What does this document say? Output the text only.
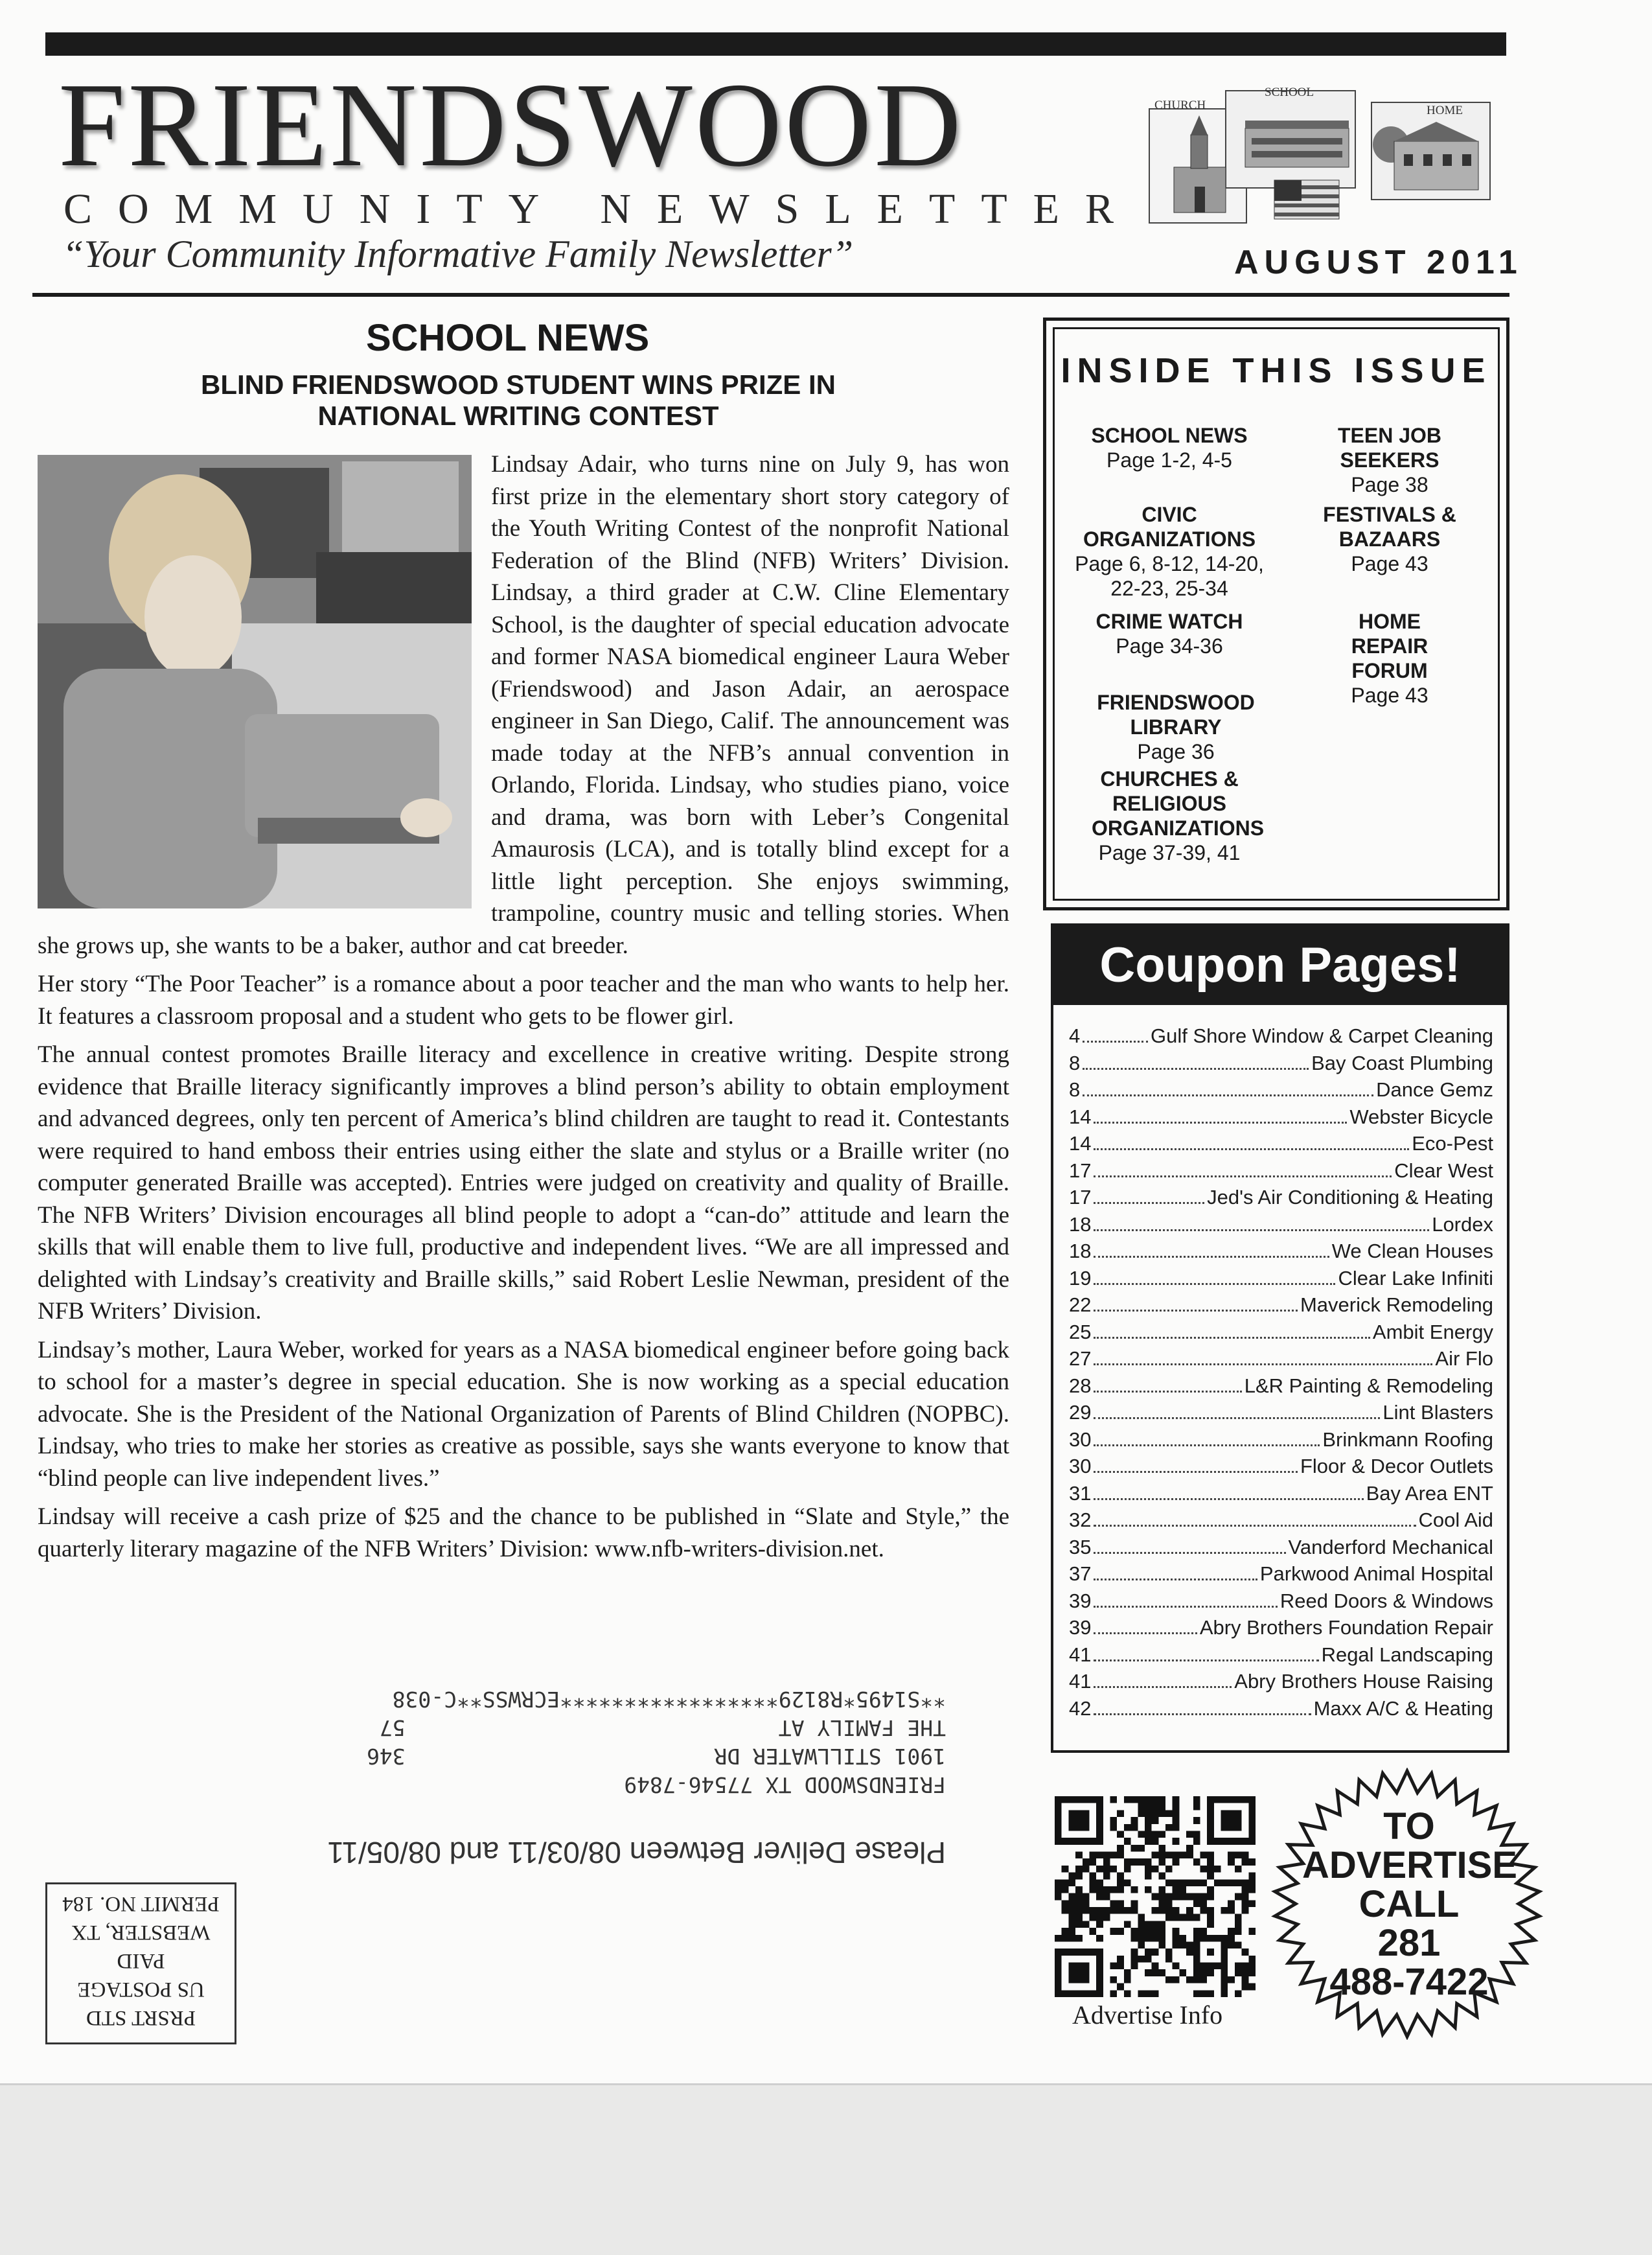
FRIENDSWOOD
COMMUNITY NEWSLETTER
“Your Community Informative Family Newsletter”
CHURCH
SCHOOL
HOME
AUGUST 2011
SCHOOL NEWS
BLIND FRIENDSWOOD STUDENT WINS PRIZE IN NATIONAL WRITING CONTEST

Lindsay Adair, who turns nine on July 9, has won first prize in the elementary short story category of the Youth Writing Contest of the nonprofit National Federation of the Blind (NFB) Writers’ Division. Lindsay, a third grader at C.W. Cline Elementary School, is the daughter of special education advocate and former NASA biomedical engineer Laura Weber (Friendswood) and Jason Adair, an aerospace engineer in San Diego, Calif. The announcement was made today at the NFB’s annual convention in Orlando, Florida. Lindsay, who studies piano, voice and drama, was born with Leber’s Congenital Amaurosis (LCA), and is totally blind except for a little light perception. She enjoys swimming, trampoline, country music and telling stories. When she grows up, she wants to be a baker, author and cat breeder.

Her story “The Poor Teacher” is a romance about a poor teacher and the man who wants to help her. It features a classroom proposal and a student who gets to be flower girl.

The annual contest promotes Braille literacy and excellence in creative writing. Despite strong evidence that Braille literacy significantly improves a blind person’s ability to obtain employment and advanced degrees, only ten percent of America’s blind children are taught to read it. Contestants were required to hand emboss their entries using either the slate and stylus or a Braille writer (no computer generated Braille was accepted). Entries were judged on creativity and quality of Braille. The NFB Writers’ Division encourages all blind people to adopt a “can-do” attitude and learn the skills that will enable them to live full, productive and independent lives. “We are all impressed and delighted with Lindsay’s creativity and Braille skills,” said Robert Leslie Newman, president of the NFB Writers’ Division.

Lindsay’s mother, Laura Weber, worked for years as a NASA biomedical engineer before going back to school for a master’s degree in special education. She is now working as a special education advocate. She is the President of the National Organization of Parents of Blind Children (NOPBC). Lindsay, who tries to make her stories as creative as possible, says she wants everyone to know that “blind people can live independent lives.”

Lindsay will receive a cash prize of $25 and the chance to be published in “Slate and Style,” the quarterly literary magazine of the NFB Writers’ Division: www.nfb-writers-division.net.

Please Deliver Between 08/03/11 and 08/05/11
FRIENDSWOOD TX 77546-7849
1901 STILLWATER DR                        346
THE FAMILY AT                             57
**S1495*R8129*****************ECRWSS**C-038
PRSRT STD
US POSTAGE
PAID
WEBSTER, TX
PERMIT NO. 184
INSIDE THIS ISSUE
SCHOOL NEWS
Page 1-2, 4-5
TEEN JOB SEEKERS
Page 38
CIVIC ORGANIZATIONS
Page 6, 8-12, 14-20, 22-23, 25-34
FESTIVALS & BAZAARS
Page 43
CRIME WATCH
Page 34-36
HOME REPAIR FORUM
Page 43
FRIENDSWOOD LIBRARY
Page 36
CHURCHES & RELIGIOUS ORGANIZATIONS
Page 37-39, 41
Coupon Pages!
4	Gulf Shore Window & Carpet Cleaning
8	Bay Coast Plumbing
8	Dance Gemz
14	Webster Bicycle
14	Eco-Pest
17	Clear West
17	Jed's Air Conditioning & Heating
18	Lordex
18	We Clean Houses
19	Clear Lake Infiniti
22	Maverick Remodeling
25	Ambit Energy
27	Air Flo
28	L&R Painting & Remodeling
29	Lint Blasters
30	Brinkmann Roofing
30	Floor & Decor Outlets
31	Bay Area ENT
32	Cool Aid
35	Vanderford Mechanical
37	Parkwood Animal Hospital
39	Reed Doors & Windows
39	Abry Brothers Foundation Repair
41	Regal Landscaping
41	Abry Brothers House Raising
42	Maxx A/C & Heating
Advertise Info
TO
ADVERTISE
CALL
281
488-7422
